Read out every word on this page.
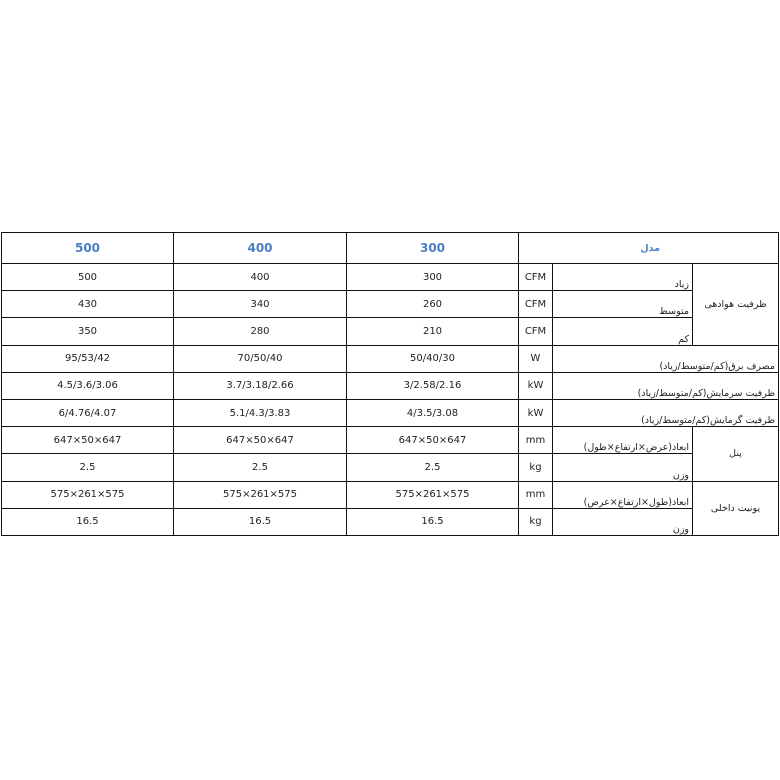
500	400	300	مدل		
500	400	300	CFM	زیاد	ظرفیت هوادهی
430	340	260	CFM	متوسط	
350	280	210	CFM	کم	
95/53/42	70/50/40	50/40/30	W	مصرف برق(کم/متوسط/زیاد)	
4.5/3.6/3.06	3.7/3.18/2.66	3/2.58/2.16	kW	ظرفیت سرمایش(کم/متوسط/زیاد)	
6/4.76/4.07	5.1/4.3/3.83	4/3.5/3.08	kW	ظرفیت گرمایش(کم/متوسط/زیاد)	
647×50×647	647×50×647	647×50×647	mm	ابعاد(عرض×ارتفاع×طول)	پنل
2.5	2.5	2.5	kg	وزن	
575×261×575	575×261×575	575×261×575	mm	ابعاد(طول×ارتفاع×عرض)	یونیت داخلی
16.5	16.5	16.5	kg	وزن	
